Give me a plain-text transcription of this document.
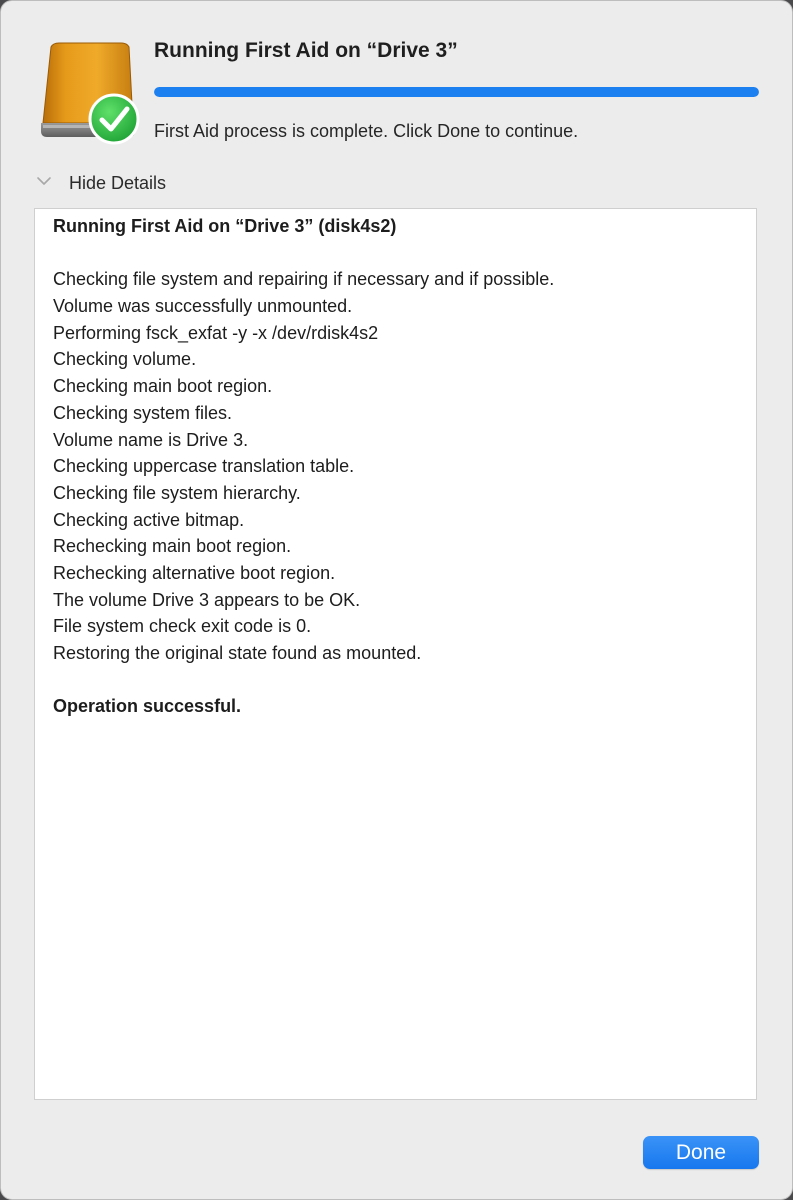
Running First Aid on “Drive 3”
First Aid process is complete. Click Done to continue.
Hide Details
Running First Aid on “Drive 3” (disk4s2)
Checking file system and repairing if necessary and if possible.
Volume was successfully unmounted.
Performing fsck_exfat -y -x /dev/rdisk4s2
Checking volume.
Checking main boot region.
Checking system files.
Volume name is Drive 3.
Checking uppercase translation table.
Checking file system hierarchy.
Checking active bitmap.
Rechecking main boot region.
Rechecking alternative boot region.
The volume Drive 3 appears to be OK.
File system check exit code is 0.
Restoring the original state found as mounted.
Operation successful.
Done
